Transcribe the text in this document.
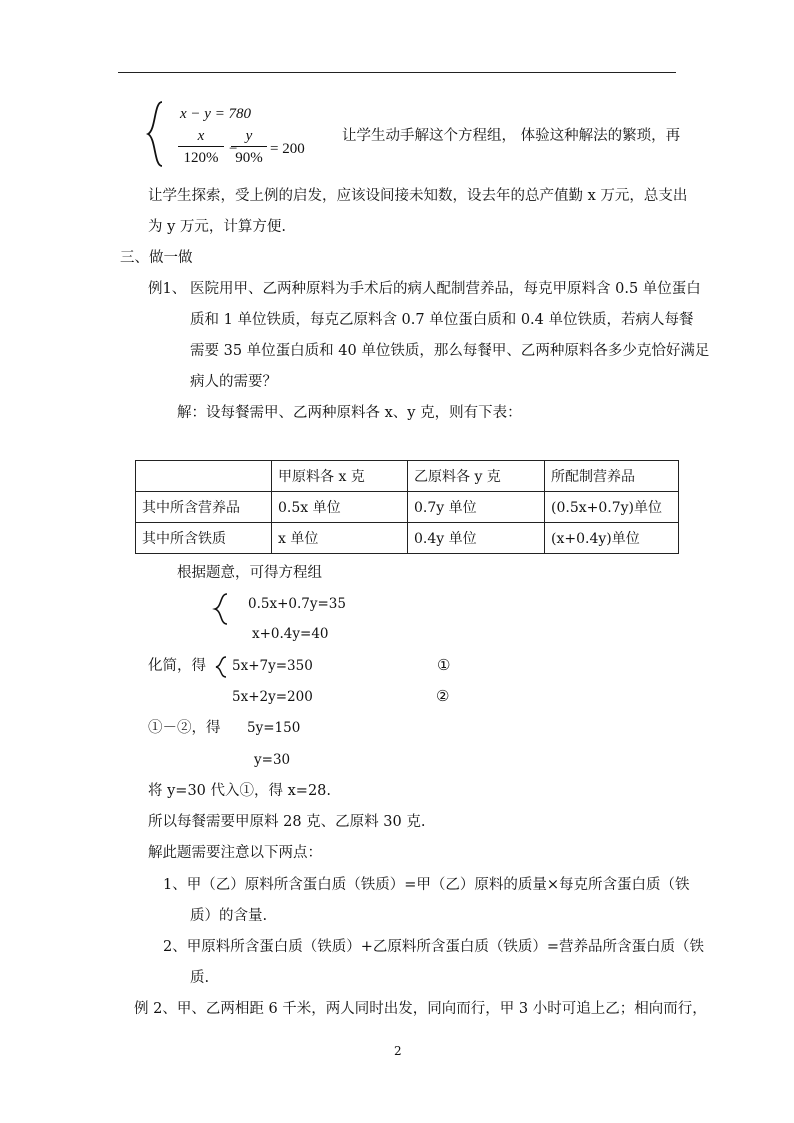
x − y = 780
x
120%
−
y
90%
= 200
让学生动手解这个方程组， 体验这种解法的繁琐，再
让学生探索，受上例的启发，应该设间接未知数，设去年的总产值勤 x 万元，总支出
为 y 万元，计算方便.
三、做一做
例1、 医院用甲、乙两种原料为手术后的病人配制营养品，每克甲原料含 0.5 单位蛋白
质和 1 单位铁质，每克乙原料含 0.7 单位蛋白质和 0.4 单位铁质，若病人每餐
需要 35 单位蛋白质和 40 单位铁质，那么每餐甲、乙两种原料各多少克恰好满足
病人的需要？
解：设每餐需甲、乙两种原料各 x、y 克，则有下表：
	甲原料各 x 克	乙原料各 y 克	所配制营养品
其中所含营养品	0.5x 单位	0.7y 单位	(0.5x+0.7y)单位
其中所含铁质	x 单位	0.4y 单位	(x+0.4y)单位
根据题意，可得方程组
0.5x+0.7y=35
x+0.4y=40
化简，得 5x+7y=350	①
5x+2y=200	②
①－②，得 5y=150
y=30
将 y=30 代入①，得 x=28.
所以每餐需要甲原料 28 克、乙原料 30 克.
解此题需要注意以下两点：
1、甲（乙）原料所含蛋白质（铁质）=甲（乙）原料的质量×每克所含蛋白质（铁
质）的含量.
2、甲原料所含蛋白质（铁质）+乙原料所含蛋白质（铁质）=营养品所含蛋白质（铁
质.
例 2、甲、乙两相距 6 千米，两人同时出发，同向而行，甲 3 小时可追上乙；相向而行，
2
